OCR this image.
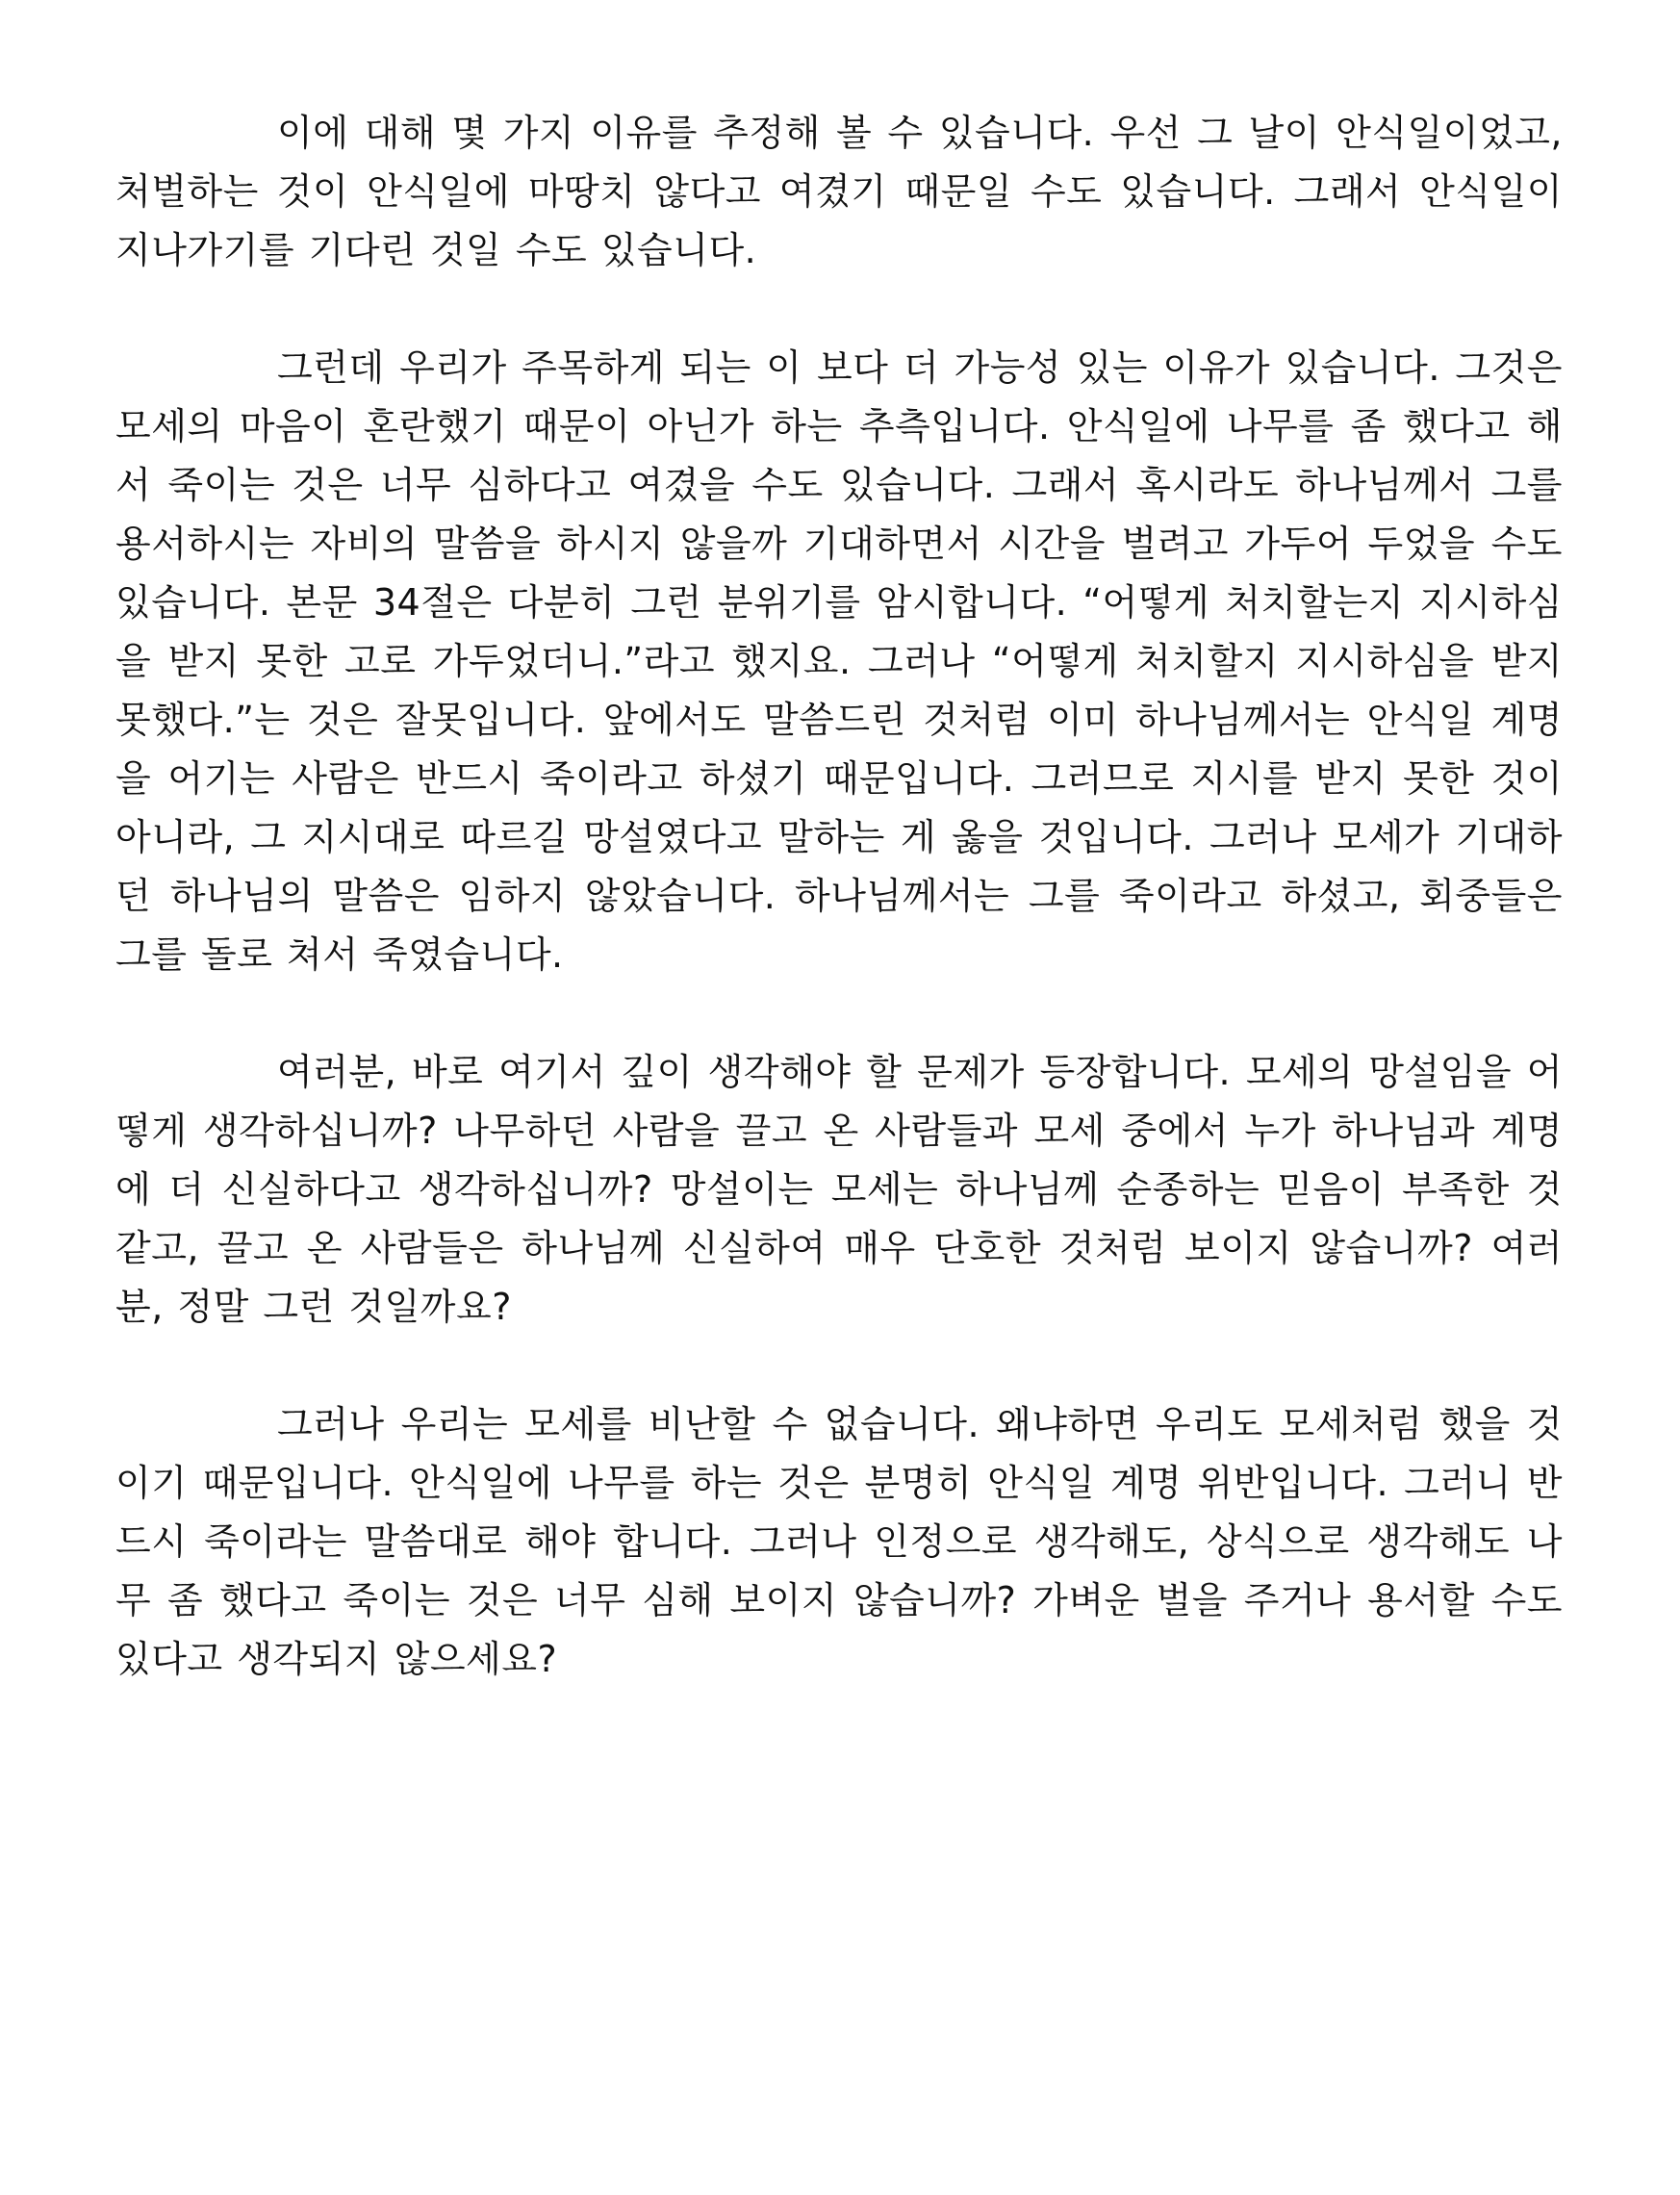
이에 대해 몇 가지 이유를 추정해 볼 수 있습니다. 우선 그 날이 안식일이었고, 처벌하는 것이 안식일에 마땅치 않다고 여겼기 때문일 수도 있습니다. 그래서 안식일이 지나가기를 기다린 것일 수도 있습니다.

그런데 우리가 주목하게 되는 이 보다 더 가능성 있는 이유가 있습니다. 그것은 모세의 마음이 혼란했기 때문이 아닌가 하는 추측입니다. 안식일에 나무를 좀 했다고 해서 죽이는 것은 너무 심하다고 여겼을 수도 있습니다. 그래서 혹시라도 하나님께서 그를 용서하시는 자비의 말씀을 하시지 않을까 기대하면서 시간을 벌려고 가두어 두었을 수도 있습니다. 본문 34절은 다분히 그런 분위기를 암시합니다. “어떻게 처치할는지 지시하심을 받지 못한 고로 가두었더니.”라고 했지요. 그러나 “어떻게 처치할지 지시하심을 받지 못했다.”는 것은 잘못입니다. 앞에서도 말씀드린 것처럼 이미 하나님께서는 안식일 계명을 어기는 사람은 반드시 죽이라고 하셨기 때문입니다. 그러므로 지시를 받지 못한 것이 아니라, 그 지시대로 따르길 망설였다고 말하는 게 옳을 것입니다. 그러나 모세가 기대하던 하나님의 말씀은 임하지 않았습니다. 하나님께서는 그를 죽이라고 하셨고, 회중들은 그를 돌로 쳐서 죽였습니다.

여러분, 바로 여기서 깊이 생각해야 할 문제가 등장합니다. 모세의 망설임을 어떻게 생각하십니까? 나무하던 사람을 끌고 온 사람들과 모세 중에서 누가 하나님과 계명에 더 신실하다고 생각하십니까? 망설이는 모세는 하나님께 순종하는 믿음이 부족한 것 같고, 끌고 온 사람들은 하나님께 신실하여 매우 단호한 것처럼 보이지 않습니까? 여러분, 정말 그런 것일까요?

그러나 우리는 모세를 비난할 수 없습니다. 왜냐하면 우리도 모세처럼 했을 것이기 때문입니다. 안식일에 나무를 하는 것은 분명히 안식일 계명 위반입니다. 그러니 반드시 죽이라는 말씀대로 해야 합니다. 그러나 인정으로 생각해도, 상식으로 생각해도 나무 좀 했다고 죽이는 것은 너무 심해 보이지 않습니까? 가벼운 벌을 주거나 용서할 수도 있다고 생각되지 않으세요?
